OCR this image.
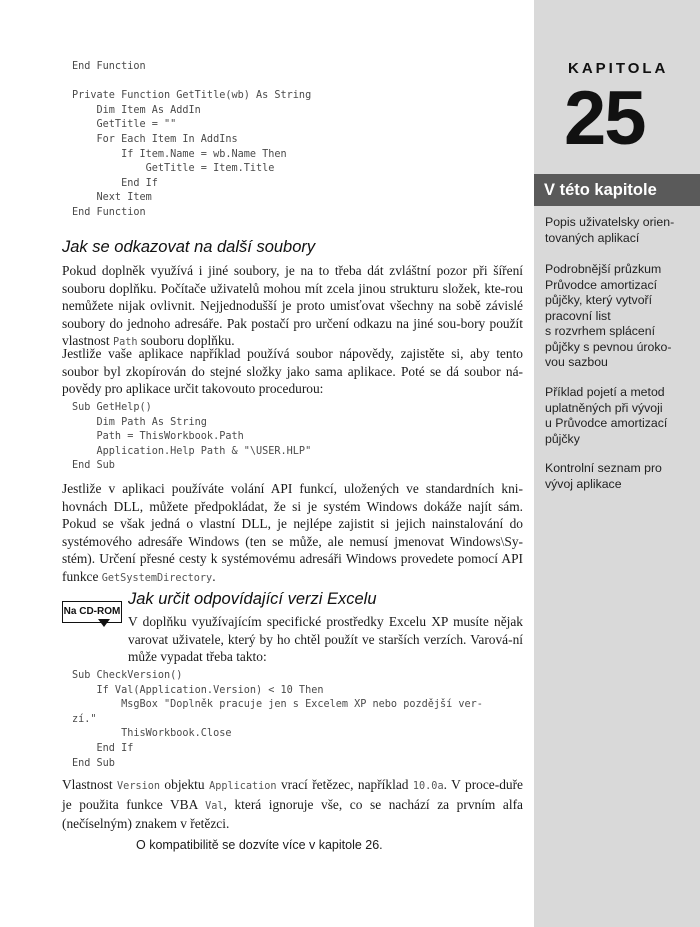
KAPITOLA

25

V této kapitole

Popis uživatelsky orien-
tovaných aplikací

Podrobnější průzkum
Průvodce amortizací
půjčky, který vytvoří
pracovní list
s rozvrhem splácení
půjčky s pevnou úroko-
vou sazbou

Příklad pojetí a metod
uplatněných při vývoji
u Průvodce amortizací
půjčky

Kontrolní seznam pro
vývoj aplikace

End Function

Private Function GetTitle(wb) As String
Dim Item As AddIn
GetTitle = ""
For Each Item In AddIns
If Item.Name = wb.Name Then
GetTitle = Item.Title
End If
Next Item
End Function
Jak se odkazovat na další soubory

Pokud doplněk využívá i jiné soubory, je na to třeba dát zvláštní pozor při šíření souboru doplňku. Počítače uživatelů mohou mít zcela jinou strukturu složek, kte-rou nemůžete nijak ovlivnit. Nejjednodušší je proto umisťovat všechny na sobě závislé soubory do jednoho adresáře. Pak postačí pro určení odkazu na jiné sou-bory použít vlastnost Path souboru doplňku.

Jestliže vaše aplikace například používá soubor nápovědy, zajistěte si, aby tento soubor byl zkopírován do stejné složky jako sama aplikace. Poté se dá soubor ná-povědy pro aplikace určit takovouto procedurou:

Sub GetHelp()
Dim Path As String
Path = ThisWorkbook.Path
Application.Help Path & "\USER.HLP"
End Sub

Jestliže v aplikaci používáte volání API funkcí, uložených ve standardních kni-hovnách DLL, můžete předpokládat, že si je systém Windows dokáže najít sám. Pokud se však jedná o vlastní DLL, je nejlépe zajistit si jejich nainstalování do systémového adresáře Windows (ten se může, ale nemusí jmenovat Windows\Sy-stém). Určení přesné cesty k systémovému adresáři Windows provedete pomocí API funkce GetSystemDirectory.

Na CD-ROM
Jak určit odpovídající verzi Excelu

V doplňku využívajícím specifické prostředky Excelu XP musíte nějak varovat uživatele, který by ho chtěl použít ve starších verzích. Varová-ní může vypadat třeba takto:

Sub CheckVersion()
If Val(Application.Version) < 10 Then
MsgBox "Doplněk pracuje jen s Excelem XP nebo pozdější ver-
zí."
ThisWorkbook.Close
End If
End Sub

Vlastnost Version objektu Application vrací řetězec, například 10.0a. V proce-duře je použita funkce VBA Val, která ignoruje vše, co se nachází za prvním alfa (nečíselným) znakem v řetězci.

O kompatibilitě se dozvíte více v kapitole 26.
